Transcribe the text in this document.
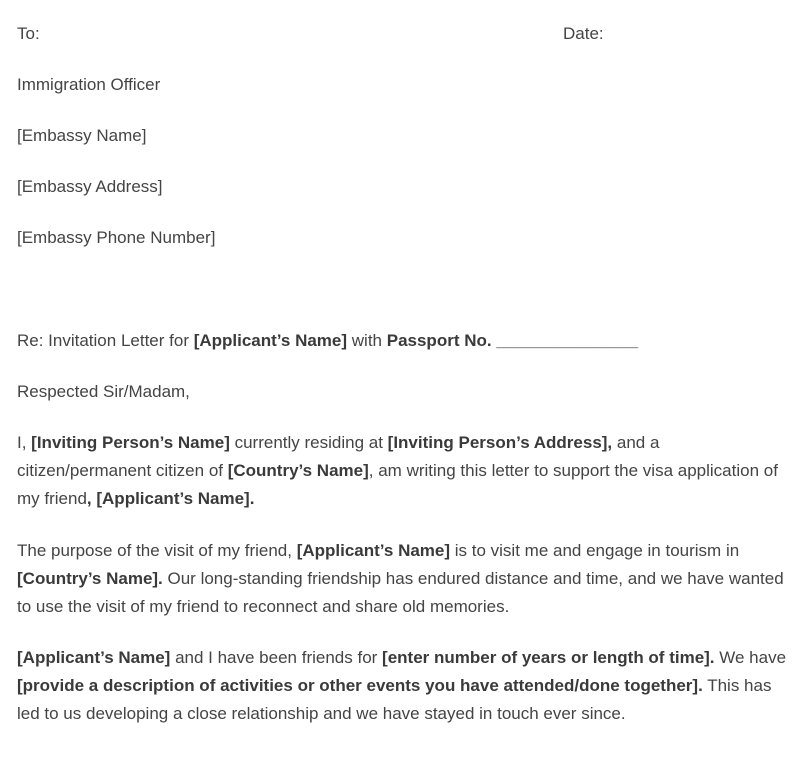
To:	Date:
Immigration Officer
[Embassy Name]
[Embassy Address]
[Embassy Phone Number]
Re: Invitation Letter for [Applicant’s Name] with Passport No. _______________
Respected Sir/Madam,

I, [Inviting Person’s Name] currently residing at [Inviting Person’s Address], and a citizen/permanent citizen of [Country’s Name], am writing this letter to support the visa application of my friend, [Applicant’s Name].

The purpose of the visit of my friend, [Applicant’s Name] is to visit me and engage in tourism in [Country’s Name]. Our long-standing friendship has endured distance and time, and we have wanted to use the visit of my friend to reconnect and share old memories.

[Applicant’s Name] and I have been friends for [enter number of years or length of time]. We have [provide a description of activities or other events you have attended/done together]. This has led to us developing a close relationship and we have stayed in touch ever since.
